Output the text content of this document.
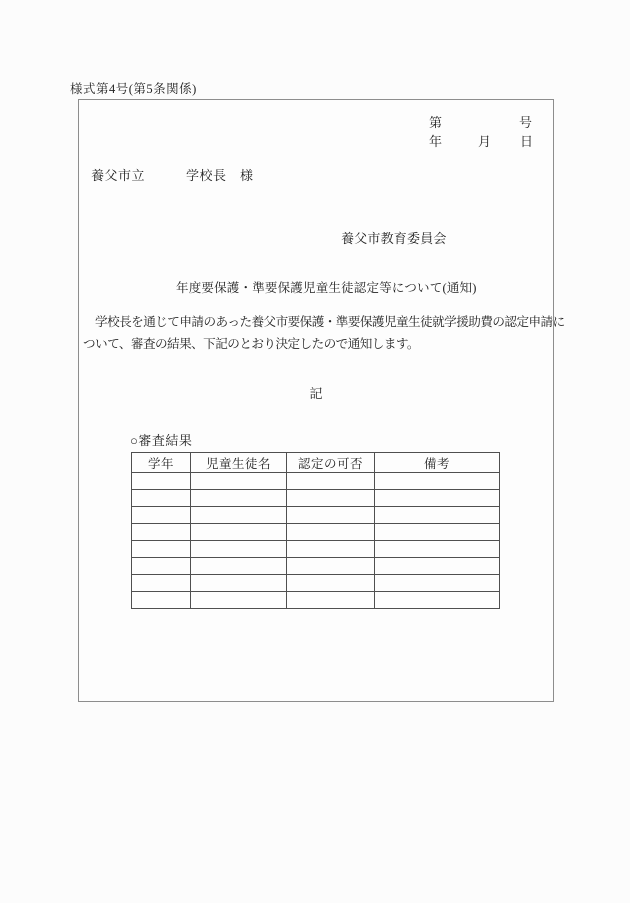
様式第4号(第5条関係)
第	号
年	月 日
養父市立	学校長　様
養父市教育委員会
年度要保護・準要保護児童生徒認定等について(通知)
　学校長を通じて申請のあった養父市要保護・準要保護児童生徒就学援助費の認定申請に
ついて、審査の結果、下記のとおり決定したので通知します。
記
○審査結果
学年	児童生徒名	認定の可否	備考
